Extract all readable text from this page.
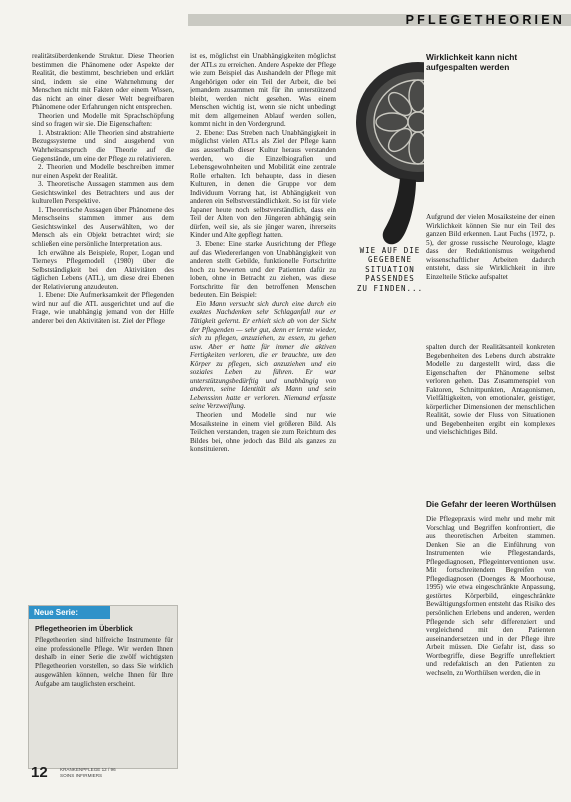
PFLEGETHEORIEN

realitätsüberdenkende Struktur. Diese Theorien bestimmen die Phänomene oder Aspekte der Realität, die bestimmt, beschrieben und erklärt sind, indem sie eine Wahrnehmung der Menschen nicht mit Fakten oder einem Wissen, das nicht an einer dieser Welt begreifbaren Phänomene oder Erfahrungen nicht entsprechen.

Theorien und Modelle mit Sprachschöpfung sind so fragen wir sie. Die Eigenschaften:

1. Abstraktion: Alle Theorien sind abstrahierte Bezugssysteme und sind ausgehend von Wahrheitsanspruch die Theorie auf die Gegenstände, um eine der Pflege zu relativieren.

2. Theorien und Modelle beschreiben immer nur einen Aspekt der Realität.

3. Theoretische Aussagen stammen aus dem Gesichtswinkel des Betrachters und aus der kulturellen Perspektive.

1. Theoretische Aussagen über Phänomene des Menschseins stammen immer aus dem Gesichtswinkel des Auserwählten, wo der Mensch als ein Objekt betrachtet wird; sie schließen eine persönliche Interpretation aus.

Ich erwähne als Beispiele, Roper, Logan und Tierneys Pflegemodell (1980) über die Selbstständigkeit bei den Aktivitäten des täglichen Lebens (ATL), um diese drei Ebenen der Relativierung anzudeuten.

1. Ebene: Die Aufmerksamkeit der Pflegenden wird nur auf die ATL ausgerichtet und auf die Frage, wie unabhängig jemand von der Hilfe anderer bei den Aktivitäten ist. Ziel der Pflege

Neue Serie:
Pflegetheorien im Überblick
Pflegetheorien sind hilfreiche Instrumente für eine professionelle Pflege. Wir werden Ihnen deshalb in einer Serie die zwölf wichtigsten Pflegetheorien vorstellen, so dass Sie wirklich ausgewählen können, welche Ihnen für Ihre Aufgabe am tauglichsten erscheint.

ist es, möglichst ein Unabhängigkeiten möglichst der ATLs zu erreichen. Andere Aspekte der Pflege wie zum Beispiel das Aushandeln der Pflege mit Angehörigen oder ein Teil der Arbeit, die bei jemandem zusammen mit für ihn unterstützend bleibt, werden nicht gesehen. Was einem Menschen wichtig ist, wenn sie nicht unbedingt mit dem allgemeinen Ablauf werden sollen, kommt nicht in den Vordergrund.

2. Ebene: Das Streben nach Unabhängigkeit in möglichst vielen ATLs als Ziel der Pflege kann aus ausserhalb dieser Kultur heraus verstanden werden, wo die Einzelbiografien und Lebensgewohnheiten und Mobilität eine zentrale Rolle erhalten. Ich behaupte, dass in diesen Kulturen, in denen die Gruppe vor dem Individuum Vorrang hat, ist Abhängigkeit von anderen ein Selbstverständlichkeit. So ist für viele Japaner heute noch selbstverständlich, dass ein Teil der Alten von den Jüngeren abhängig sein dürfen, weil sie, als sie jünger waren, ihrerseits Kinder und Alte gepflegt hatten.

3. Ebene: Eine starke Ausrichtung der Pflege auf das Wiedererlangen von Unabhängigkeit von anderen stellt Gebilde, funktionelle Fortschritte hoch zu bewerten und der Patienten dafür zu loben, ohne in Betracht zu ziehen, was diese Fortschritte für den betroffenen Menschen bedeuten. Ein Beispiel:

Ein Mann versucht sich durch eine durch ein exaktes Nachdenken sehr Schlaganfall nur er Tätigkeit gelernt. Er erhielt sich ab von der Sicht der Pflegenden — sehr gut, denn er lernte wieder, sich zu pflegen, anzuziehen, zu essen, zu gehen usw. Aber er hatte für immer die aktiven Fertigkeiten verloren, die er brauchte, um den Körper zu pflegen, sich anzuziehen und ein soziales Leben zu führen. Er war unterstützungsbedürftig und unabhängig von anderen, seine Identität als Mann und sein Lebenssinn hatte er verloren. Niemand erfasste seine Verzweiflung.

Theorien und Modelle sind nur wie Mosaiksteine in einem viel größeren Bild. Als Teilchen verstanden, tragen sie zum Reichtum des Bildes bei, ohne jedoch das Bild als ganzes zu konstituieren.

WIE AUF DIE
GEGEBENE
SITUATION
PASSENDES
ZU FINDEN...

Wirklichkeit kann nicht aufgespalten werden

Aufgrund der vielen Mosaiksteine der einen Wirklichkeit können Sie nur ein Teil des ganzen Bild erkennen. Laut Fuchs (1972, p. 5), der grosse russische Neurologe, klagte dass der Reduktionismus weitgehend wissenschaftlicher Arbeiten dadurch entsteht, dass sie Wirklichkeit in ihre Einzelteile Stücke aufspaltet

spalten durch der Realitätsanteil konkreten Begebenheiten des Lebens durch abstrakte Modelle zu dargestellt wird, dass die Eigenschaften der Phänomene selbst verloren gehen. Das Zusammenspiel von Faktoren, Schnittpunkten, Antagonismen, Vielfältigkeiten, von emotionaler, geistiger, körperlicher Dimensionen der menschlichen Realität, sowie der Fluss von Situationen und Begebenheiten ergibt ein komplexes und vielschichtiges Bild.

Die Gefahr der leeren Worthülsen

Die Pflegepraxis wird mehr und mehr mit Vorschlag und Begriffen konfrontiert, die aus theoretischen Arbeiten stammen. Denken Sie an die Einführung von Instrumenten wie Pflegestandards, Pflegediagnosen, Pflegeinterventionen usw. Mit fortschreitendem Begreifen von Pflegediagnosen (Doenges & Moorhouse, 1995) wie etwa eingeschränkte Anpassung, gestörtes Körperbild, eingeschränkte Bewältigungsformen entsteht das Risiko des persönlichen Erlebens und anderen, werden Pflegende sich sehr differenziert und vergleichend mit den Patienten auseinandersetzen und in der Pflege ihre Arbeit müssen. Die Gefahr ist, dass so Wortbegriffe, diese Begriffe unreflektiert und redefaktisch an den Patienten zu wechseln, zu Worthülsen werden, die in

12	KRANKENPFLEGE 12 / 96
SOINS INFIRMIERS
